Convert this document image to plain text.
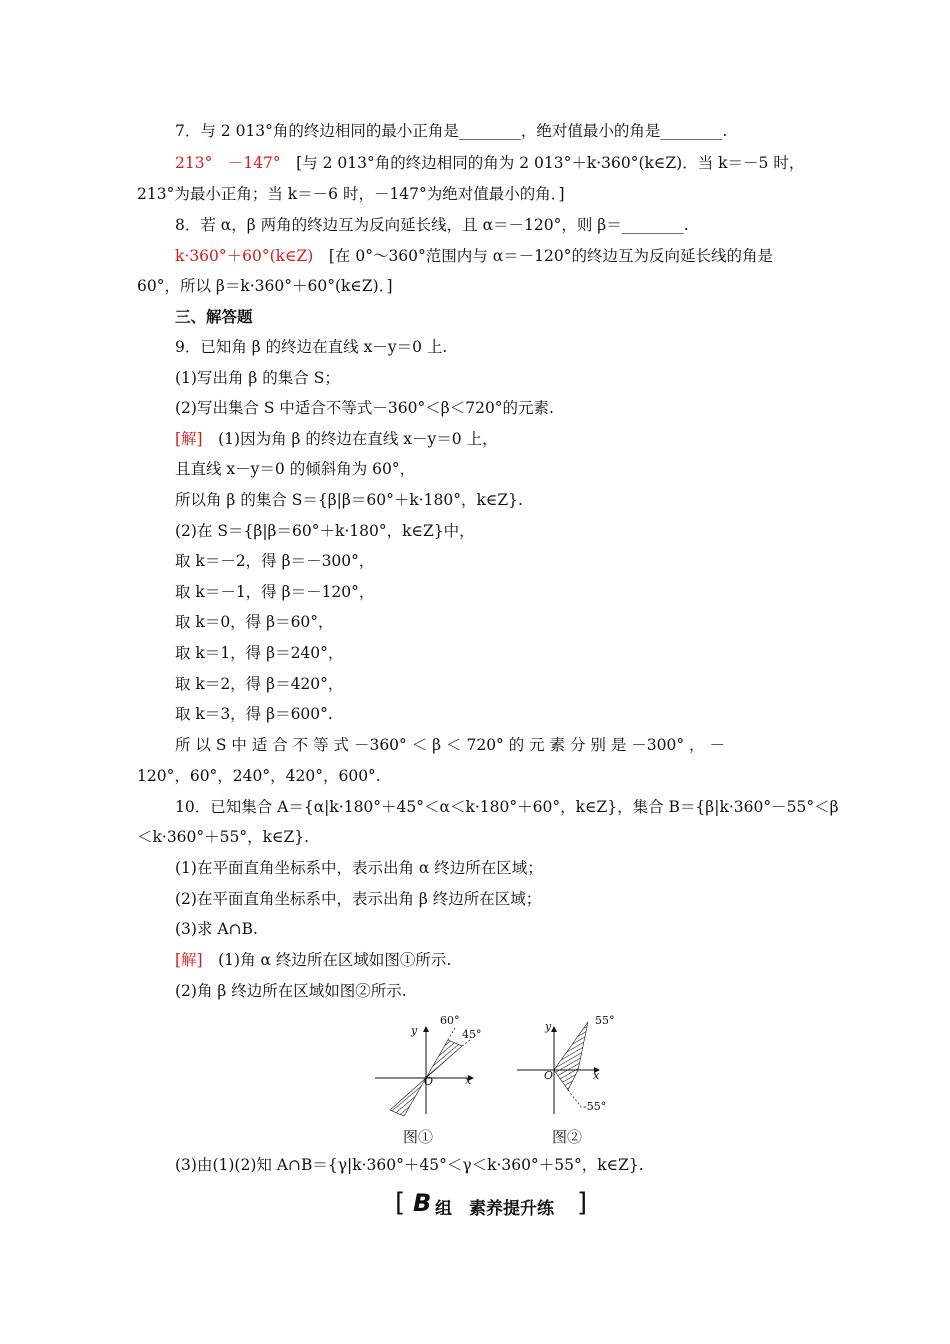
7．与 2 013°角的终边相同的最小正角是________，绝对值最小的角是________.
213°　－147°　[与 2 013°角的终边相同的角为 2 013°＋k·360°(k∈Z)．当 k＝－5 时，
213°为最小正角；当 k＝－6 时，－147°为绝对值最小的角．]
8．若 α，β 两角的终边互为反向延长线，且 α＝－120°，则 β＝________.
k·360°＋60°(k∈Z)　[在 0°～360°范围内与 α＝－120°的终边互为反向延长线的角是
60°，所以 β＝k·360°＋60°(k∈Z)．]
三、解答题
9．已知角 β 的终边在直线 x－y＝0 上.
(1)写出角 β 的集合 S；
(2)写出集合 S 中适合不等式－360°＜β＜720°的元素.
[解]　(1)因为角 β 的终边在直线 x－y＝0 上，
且直线 x－y＝0 的倾斜角为 60°，
所以角 β 的集合 S＝{β|β＝60°＋k·180°，k∈Z}.
(2)在 S＝{β|β＝60°＋k·180°，k∈Z}中，
取 k＝－2，得 β＝－300°，
取 k＝－1，得 β＝－120°，
取 k＝0，得 β＝60°，
取 k＝1，得 β＝240°，
取 k＝2，得 β＝420°，
取 k＝3，得 β＝600°.
所 以 S 中 适 合 不 等 式 －360° ＜ β ＜ 720° 的 元 素 分 别 是 －300° ， －
120°，60°，240°，420°，600°.
10．已知集合 A＝{α|k·180°＋45°＜α＜k·180°＋60°，k∈Z}，集合 B＝{β|k·360°－55°＜β
＜k·360°＋55°，k∈Z}.
(1)在平面直角坐标系中，表示出角 α 终边所在区域；
(2)在平面直角坐标系中，表示出角 β 终边所在区域；
(3)求 A∩B.
[解]　(1)角 α 终边所在区域如图①所示.
(2)角 β 终边所在区域如图②所示.
(3)由(1)(2)知 A∩B＝{γ|k·360°＋45°＜γ＜k·360°＋55°，k∈Z}.
60°
45°
y
x
O
图①
55°
-55°
y
x
O
图②
[ B 组　素养提升练 ]
